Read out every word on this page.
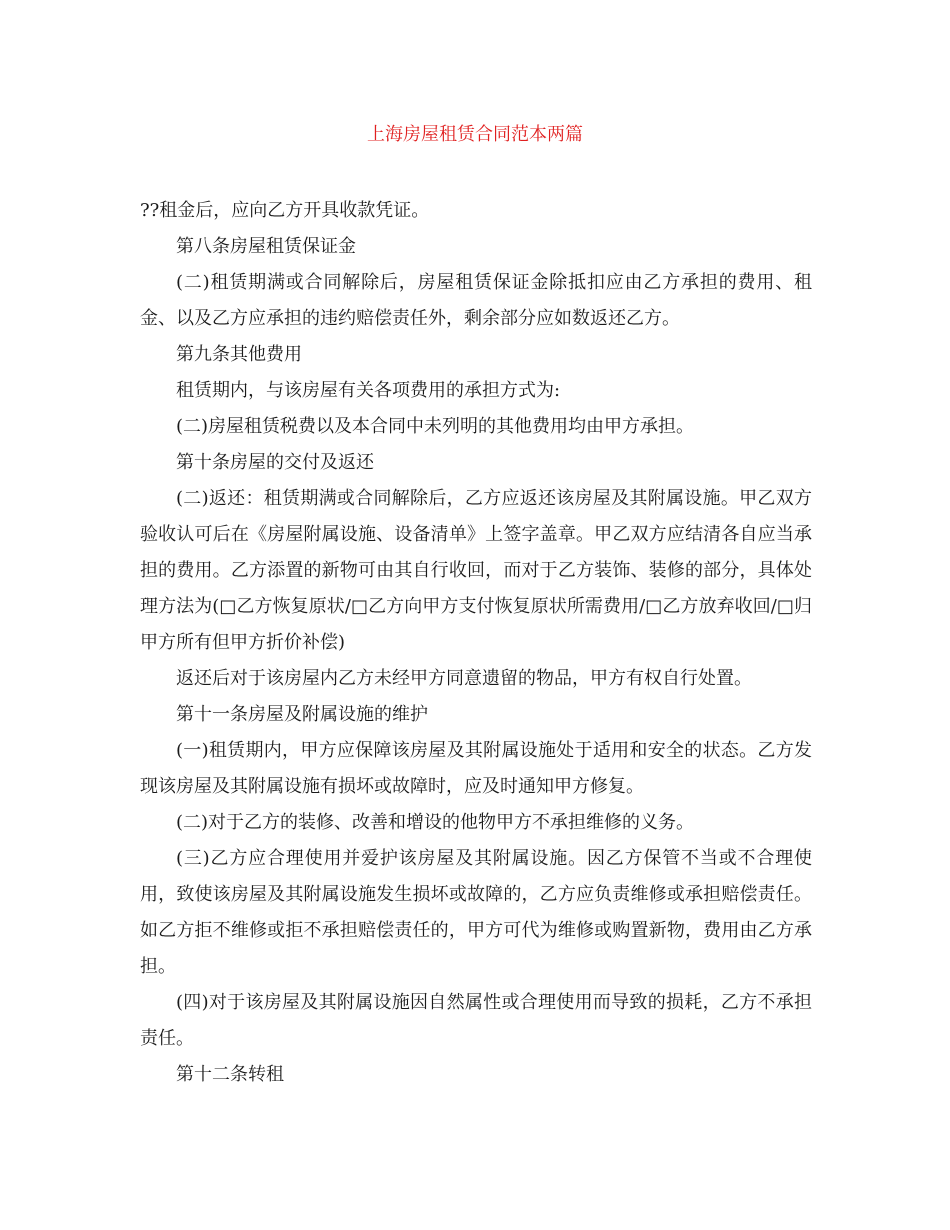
上海房屋租赁合同范本两篇

??租金后，应向乙方开具收款凭证。

第八条房屋租赁保证金

(二)租赁期满或合同解除后，房屋租赁保证金除抵扣应由乙方承担的费用、租金、以及乙方应承担的违约赔偿责任外，剩余部分应如数返还乙方。

第九条其他费用

租赁期内，与该房屋有关各项费用的承担方式为:

(二)房屋租赁税费以及本合同中未列明的其他费用均由甲方承担。

第十条房屋的交付及返还

(二)返还：租赁期满或合同解除后，乙方应返还该房屋及其附属设施。甲乙双方验收认可后在《房屋附属设施、设备清单》上签字盖章。甲乙双方应结清各自应当承担的费用。乙方添置的新物可由其自行收回，而对于乙方装饰、装修的部分，具体处理方法为(□乙方恢复原状/□乙方向甲方支付恢复原状所需费用/□乙方放弃收回/□归甲方所有但甲方折价补偿)

返还后对于该房屋内乙方未经甲方同意遗留的物品，甲方有权自行处置。

第十一条房屋及附属设施的维护

(一)租赁期内，甲方应保障该房屋及其附属设施处于适用和安全的状态。乙方发现该房屋及其附属设施有损坏或故障时，应及时通知甲方修复。

(二)对于乙方的装修、改善和增设的他物甲方不承担维修的义务。

(三)乙方应合理使用并爱护该房屋及其附属设施。因乙方保管不当或不合理使用，致使该房屋及其附属设施发生损坏或故障的，乙方应负责维修或承担赔偿责任。如乙方拒不维修或拒不承担赔偿责任的，甲方可代为维修或购置新物，费用由乙方承担。

(四)对于该房屋及其附属设施因自然属性或合理使用而导致的损耗，乙方不承担责任。

第十二条转租
